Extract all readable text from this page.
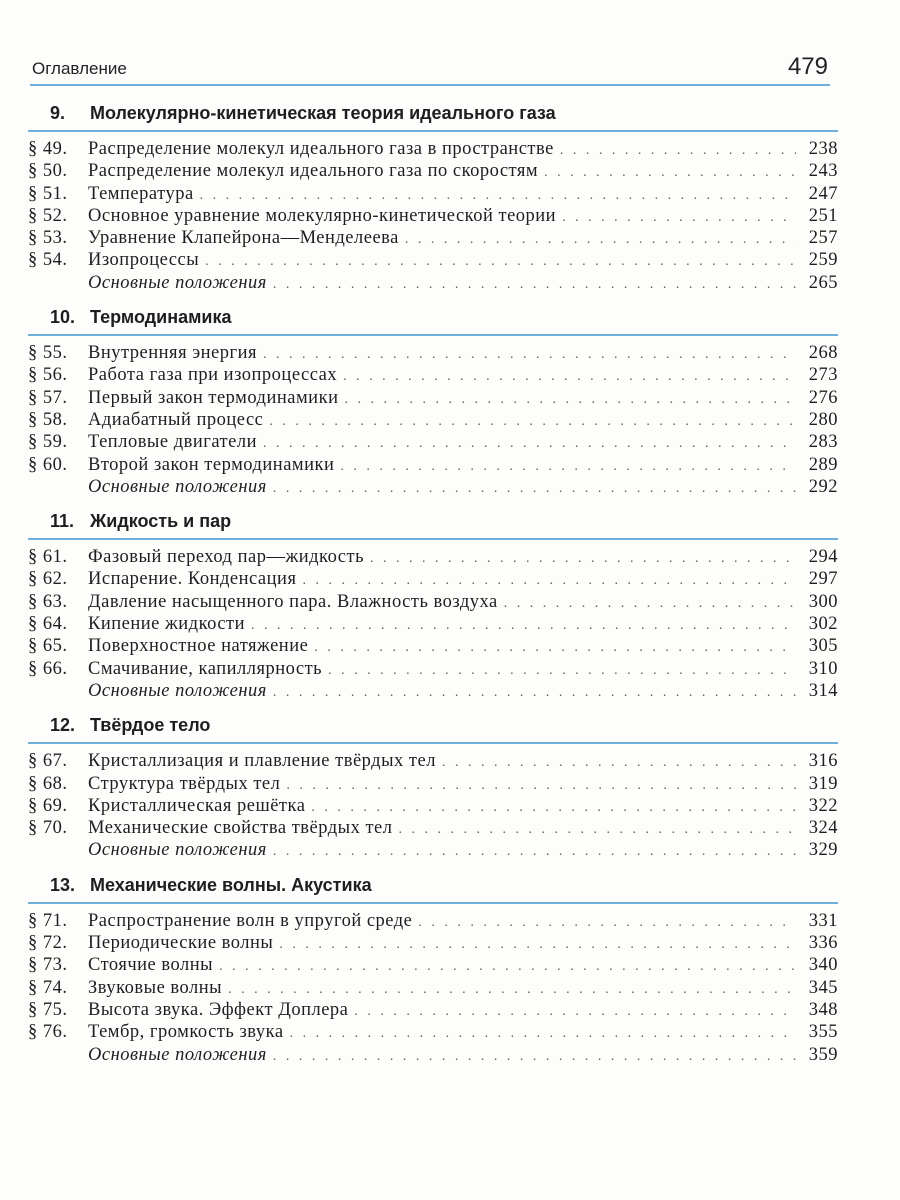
Оглавление	479
9. Молекулярно-кинетическая теория идеального газа
§ 49.	Распределение молекул идеального газа в пространстве . . .	238
§ 50.	Распределение молекул идеального газа по скоростям . . .	243
§ 51.	Температура . . .	247
§ 52.	Основное уравнение молекулярно-кинетической теории . . .	251
§ 53.	Уравнение Клапейрона—Менделеева . . .	257
§ 54.	Изопроцессы . . .	259
Основные положения . . .	265
10. Термодинамика
§ 55.	Внутренняя энергия . . .	268
§ 56.	Работа газа при изопроцессах . . .	273
§ 57.	Первый закон термодинамики . . .	276
§ 58.	Адиабатный процесс . . .	280
§ 59.	Тепловые двигатели . . .	283
§ 60.	Второй закон термодинамики . . .	289
Основные положения . . .	292
11. Жидкость и пар
§ 61.	Фазовый переход пар—жидкость . . .	294
§ 62.	Испарение. Конденсация . . .	297
§ 63.	Давление насыщенного пара. Влажность воздуха . . .	300
§ 64.	Кипение жидкости . . .	302
§ 65.	Поверхностное натяжение . . .	305
§ 66.	Смачивание, капиллярность . . .	310
Основные положения . . .	314
12. Твёрдое тело
§ 67.	Кристаллизация и плавление твёрдых тел . . .	316
§ 68.	Структура твёрдых тел . . .	319
§ 69.	Кристаллическая решётка . . .	322
§ 70.	Механические свойства твёрдых тел . . .	324
Основные положения . . .	329
13. Механические волны. Акустика
§ 71.	Распространение волн в упругой среде . . .	331
§ 72.	Периодические волны . . .	336
§ 73.	Стоячие волны . . .	340
§ 74.	Звуковые волны . . .	345
§ 75.	Высота звука. Эффект Доплера . . .	348
§ 76.	Тембр, громкость звука . . .	355
Основные положения . . .	359
